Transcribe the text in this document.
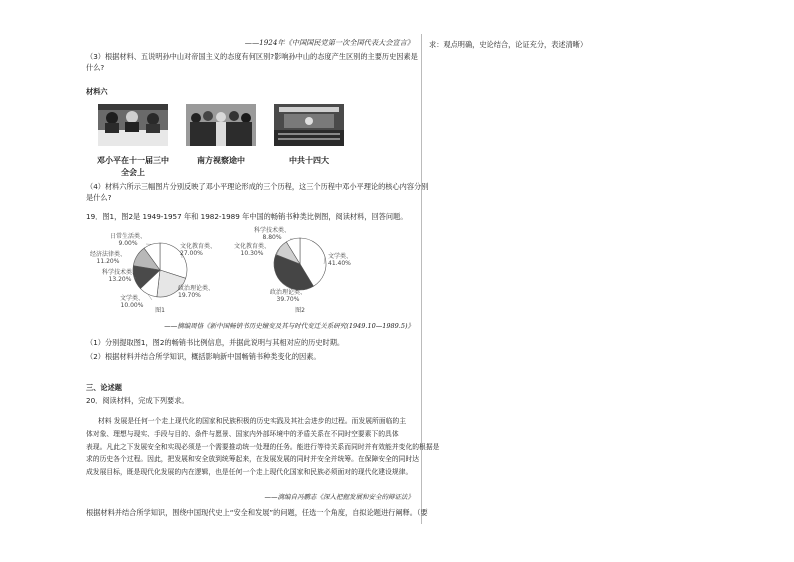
——1924年《中国国民党第一次全国代表大会宣言》
（3）根据材料、五说明孙中山对帝国主义的态度有何区别?影响孙中山的态度产生区别的主要历史因素是
什么?
材料六
邓小平在十一届三中
全会上
南方视察途中	中共十四大
（4）材料六所示三幅图片分别反映了邓小平理论形成的三个历程，这三个历程中邓小平理论的核心内容分别
是什么?
19．图1，图2是 1949-1957 年和 1982-1989 年中国的畅销书种类比例图，阅读材料，回答问题。
文化教育类、 27.00%
政治理论类、 19.70%
文学类、 10.00%
科学技术类、 13.20%
经济法律类、 11.20%
日常生活类、 9.00%
图1
文学类、 41.40%
政治理论类、 39.70%
文化教育类、 10.30%
科学技术类、 8.80%
图2
——摘编周恪《新中国畅销书历史嬗变及其与时代变迁关系研究(1949.10—1989.5)》
（1）分别提取图1，图2的畅销书比例信息，并据此说明与其相对应的历史时期。
（2）根据材料并结合所学知识，概括影响新中国畅销书种类变化的因素。
三、论述题
20．阅读材料，完成下列要求。
材料 发展是任何一个走上现代化的国家和民族积极的历史实践及其社会进步的过程。而发展所面临的主
体对象、理想与现实、手段与目的、条件与愿景、国家内外部环境中的矛盾关系在不同时空要素下的具体
表现。凡此之下发展安全和实现必须是一个需要推动统一处理的任务。能进行等待关系而同时并有效能并变化的根据是
求的历史各个过程。因此，把发展和安全放到统筹起来，在发展发展的同时并安全并统筹。在保障安全的同时达
成发展目标，既是现代化发展的内在逻辑，也是任何一个走上现代化国家和民族必须面对的现代化建设规律。
——滴编自冯鹏志《深入把握发展和安全的辩证法》
根据材料并结合所学知识，围绕中国现代史上“安全和发展”的问题，任选一个角度，自拟论题进行阐释。（要
求：观点明确，史论结合，论证充分，表述清晰）
